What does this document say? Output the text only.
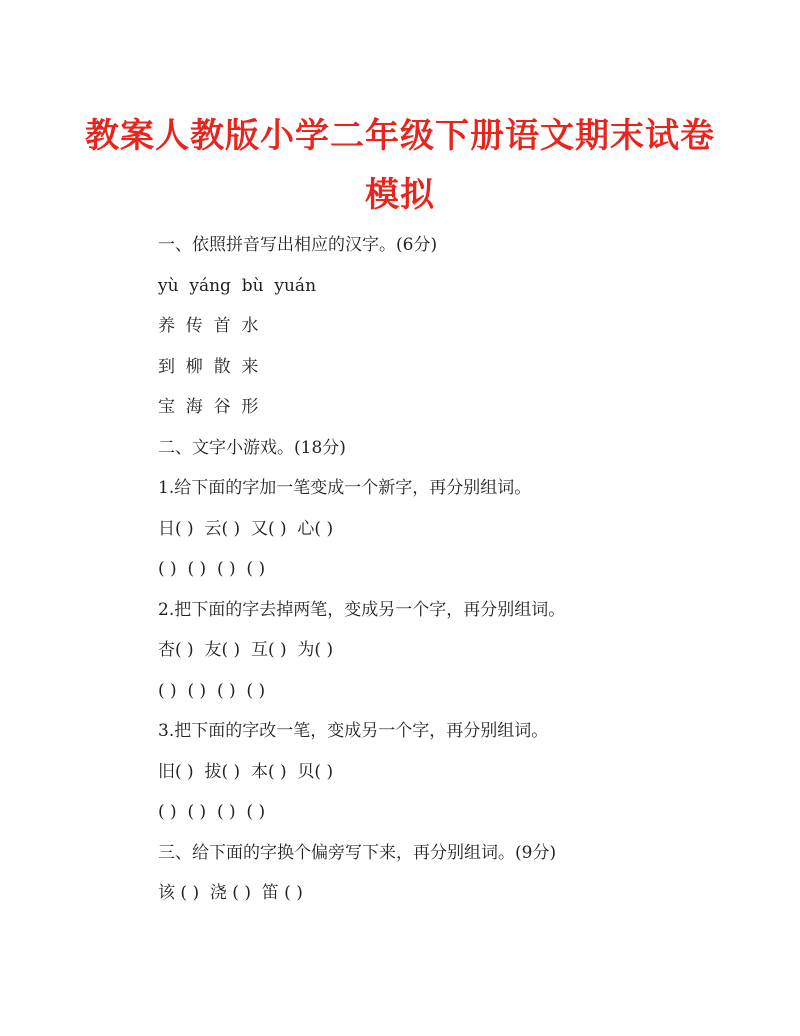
教案人教版小学二年级下册语文期末试卷
模拟
一、依照拼音写出相应的汉字。(6分)
yù  yáng  bù  yuán
养  传  首  水
到  柳  散  来
宝  海  谷  形
二、文字小游戏。(18分)
1.给下面的字加一笔变成一个新字，再分别组词。
日( )  云( )  又( )  心( )
( )  ( )  ( )  ( )
2.把下面的字去掉两笔，变成另一个字，再分别组词。
杏( )  友( )  互( )  为( )
( )  ( )  ( )  ( )
3.把下面的字改一笔，变成另一个字，再分别组词。
旧( )  拔( )  本( )  贝( )
( )  ( )  ( )  ( )
三、给下面的字换个偏旁写下来，再分别组词。(9分)
该 ( )  浇 ( )  笛 ( )
